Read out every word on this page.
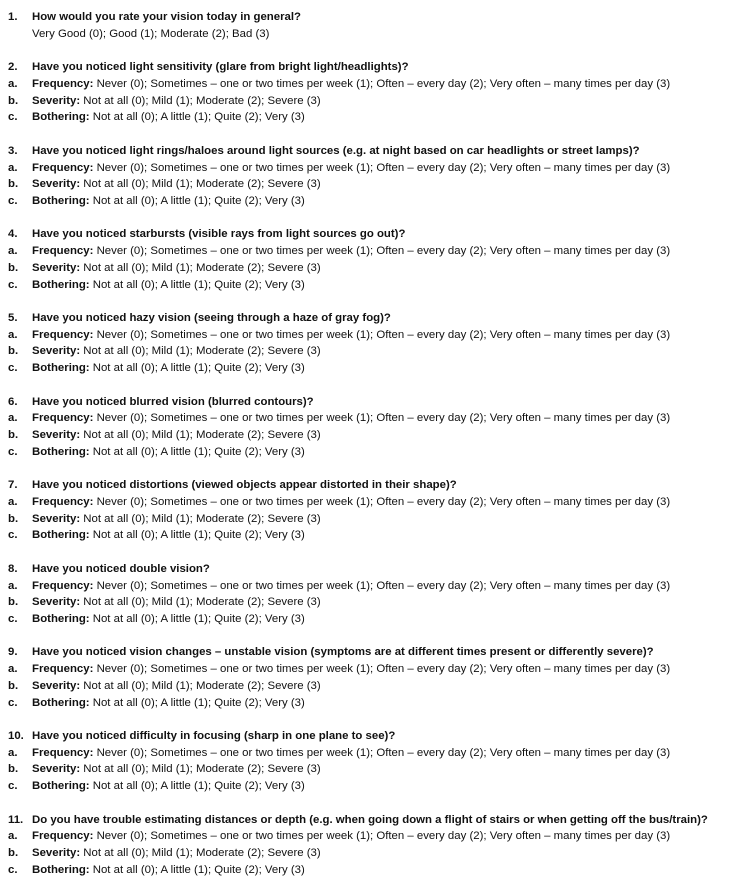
1.	How would you rate your vision today in general?
Very Good (0); Good (1); Moderate (2); Bad (3)
2.	Have you noticed light sensitivity (glare from bright light/headlights)?
a.	Frequency: Never (0); Sometimes – one or two times per week (1); Often – every day (2); Very often – many times per day (3)
b.	Severity: Not at all (0); Mild (1); Moderate (2); Severe (3)
c.	Bothering: Not at all (0); A little (1); Quite (2); Very (3)
3.	Have you noticed light rings/haloes around light sources (e.g. at night based on car headlights or street lamps)?
a.	Frequency: Never (0); Sometimes – one or two times per week (1); Often – every day (2); Very often – many times per day (3)
b.	Severity: Not at all (0); Mild (1); Moderate (2); Severe (3)
c.	Bothering: Not at all (0); A little (1); Quite (2); Very (3)
4.	Have you noticed starbursts (visible rays from light sources go out)?
a.	Frequency: Never (0); Sometimes – one or two times per week (1); Often – every day (2); Very often – many times per day (3)
b.	Severity: Not at all (0); Mild (1); Moderate (2); Severe (3)
c.	Bothering: Not at all (0); A little (1); Quite (2); Very (3)
5.	Have you noticed hazy vision (seeing through a haze of gray fog)?
a.	Frequency: Never (0); Sometimes – one or two times per week (1); Often – every day (2); Very often – many times per day (3)
b.	Severity: Not at all (0); Mild (1); Moderate (2); Severe (3)
c.	Bothering: Not at all (0); A little (1); Quite (2); Very (3)
6.	Have you noticed blurred vision (blurred contours)?
a.	Frequency: Never (0); Sometimes – one or two times per week (1); Often – every day (2); Very often – many times per day (3)
b.	Severity: Not at all (0); Mild (1); Moderate (2); Severe (3)
c.	Bothering: Not at all (0); A little (1); Quite (2); Very (3)
7.	Have you noticed distortions (viewed objects appear distorted in their shape)?
a.	Frequency: Never (0); Sometimes – one or two times per week (1); Often – every day (2); Very often – many times per day (3)
b.	Severity: Not at all (0); Mild (1); Moderate (2); Severe (3)
c.	Bothering: Not at all (0); A little (1); Quite (2); Very (3)
8.	Have you noticed double vision?
a.	Frequency: Never (0); Sometimes – one or two times per week (1); Often – every day (2); Very often – many times per day (3)
b.	Severity: Not at all (0); Mild (1); Moderate (2); Severe (3)
c.	Bothering: Not at all (0); A little (1); Quite (2); Very (3)
9.	Have you noticed vision changes – unstable vision (symptoms are at different times present or differently severe)?
a.	Frequency: Never (0); Sometimes – one or two times per week (1); Often – every day (2); Very often – many times per day (3)
b.	Severity: Not at all (0); Mild (1); Moderate (2); Severe (3)
c.	Bothering: Not at all (0); A little (1); Quite (2); Very (3)
10. Have you noticed difficulty in focusing (sharp in one plane to see)?
a.	Frequency: Never (0); Sometimes – one or two times per week (1); Often – every day (2); Very often – many times per day (3)
b.	Severity: Not at all (0); Mild (1); Moderate (2); Severe (3)
c.	Bothering: Not at all (0); A little (1); Quite (2); Very (3)
11. Do you have trouble estimating distances or depth (e.g. when going down a flight of stairs or when getting off the bus/train)?
a.	Frequency: Never (0); Sometimes – one or two times per week (1); Often – every day (2); Very often – many times per day (3)
b.	Severity: Not at all (0); Mild (1); Moderate (2); Severe (3)
c.	Bothering: Not at all (0); A little (1); Quite (2); Very (3)
